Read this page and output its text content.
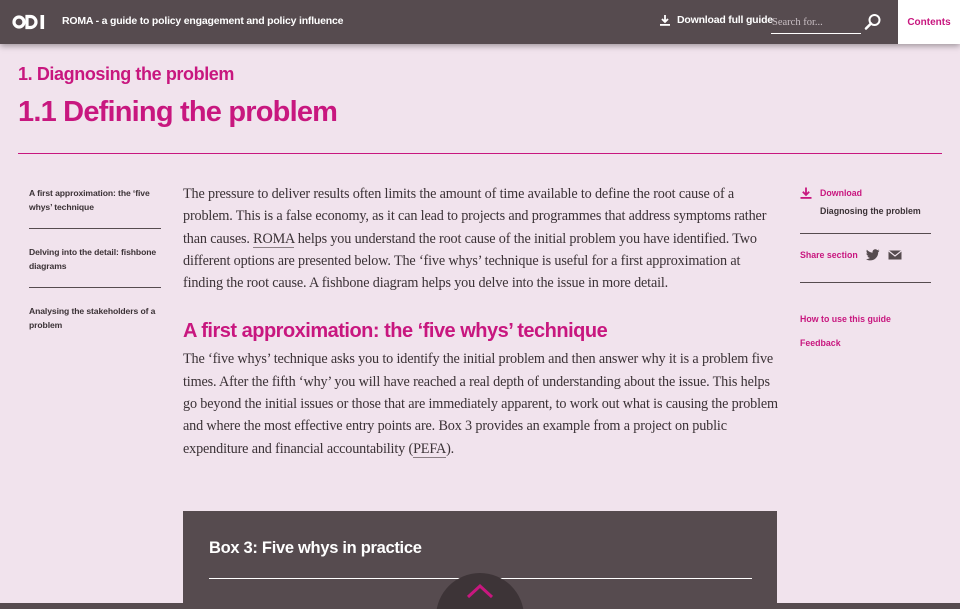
ROMA - a guide to policy engagement and policy influence	Download full guide
Search for...	Contents
1. Diagnosing the problem
1.1 Defining the problem
A first approximation: the ‘five whys’ technique
Delving into the detail: fishbone diagrams
Analysing the stakeholders of a problem

The pressure to deliver results often limits the amount of time available to define the root cause of a problem. This is a false economy, as it can lead to projects and programmes that address symptoms rather than causes. ROMA helps you understand the root cause of the initial problem you have identified. Two different options are presented below. The ‘five whys’ technique is useful for a first approximation at finding the root cause. A fishbone diagram helps you delve into the issue in more detail.

A first approximation: the ‘five whys’ technique

The ‘five whys’ technique asks you to identify the initial problem and then answer why it is a problem five times. After the fifth ‘why’ you will have reached a real depth of understanding about the issue. This helps go beyond the initial issues or those that are immediately apparent, to work out what is causing the problem and where the most effective entry points are. Box 3 provides an example from a project on public expenditure and financial accountability (PEFA).

Box 3: Five whys in practice
Download
Diagnosing the problem
Share section
How to use this guide
Feedback
